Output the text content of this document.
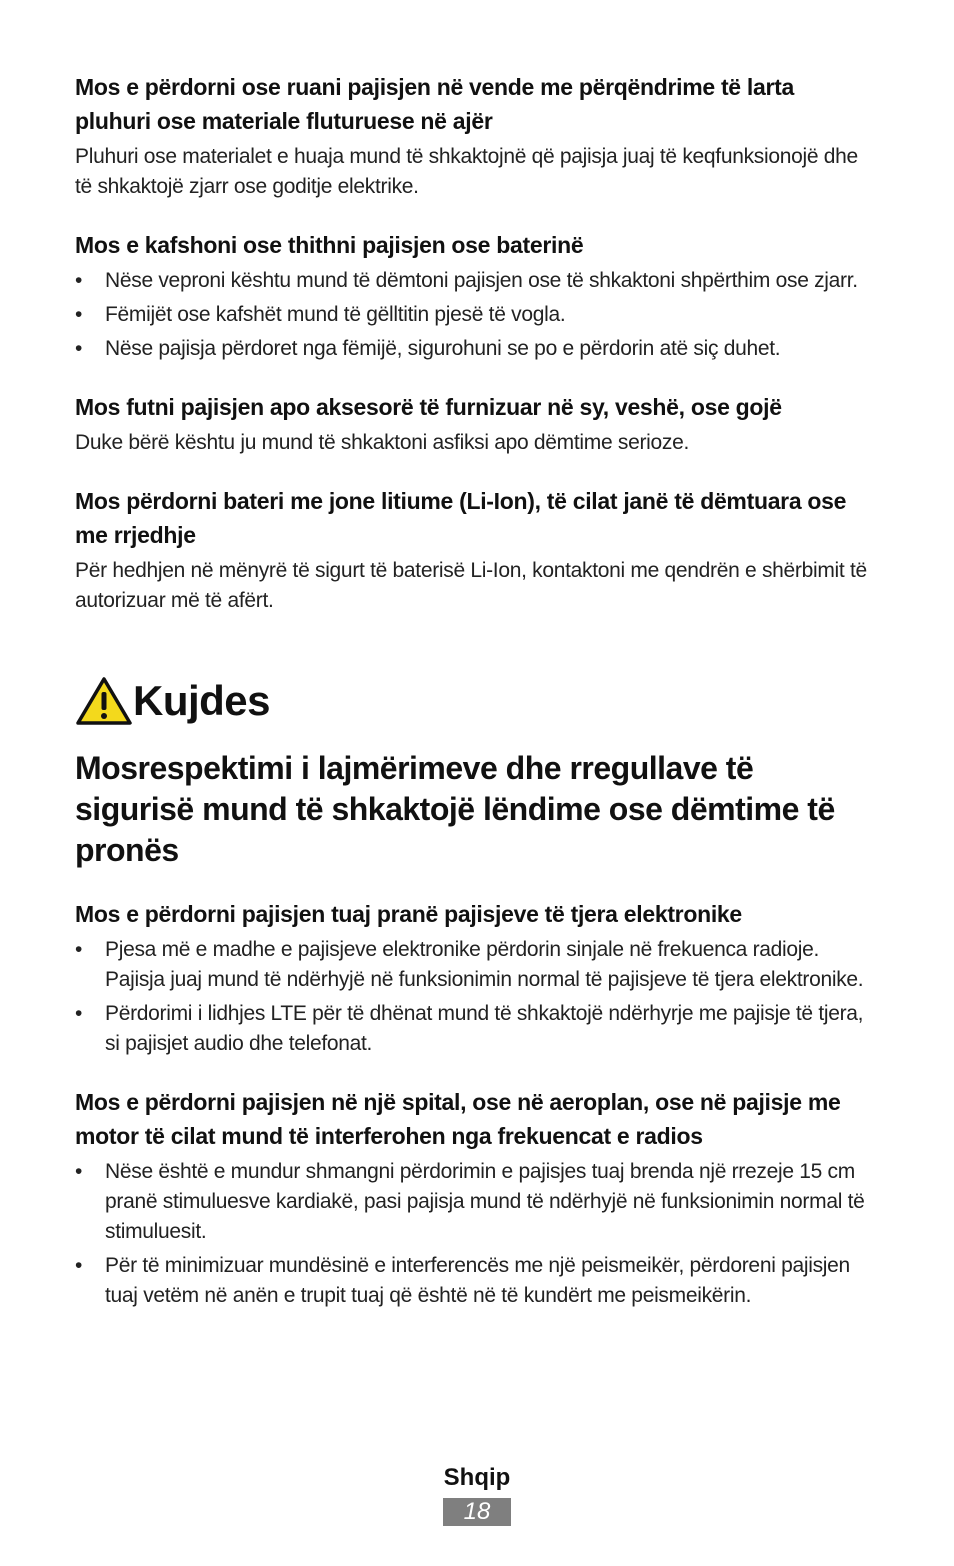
Mos e përdorni ose ruani pajisjen në vende me përqëndrime të larta pluhuri ose materiale fluturuese në ajër

Pluhuri ose materialet e huaja mund të shkaktojnë që pajisja juaj të keqfunksionojë dhe të shkaktojë zjarr ose goditje elektrike.

Mos e kafshoni ose thithni pajisjen ose baterinë
• Nëse veproni kështu mund të dëmtoni pajisjen ose të shkaktoni shpërthim ose zjarr.
• Fëmijët ose kafshët mund të gëlltitin pjesë të vogla.
• Nëse pajisja përdoret nga fëmijë, sigurohuni se po e përdorin atë siç duhet.
Mos futni pajisjen apo aksesorë të furnizuar në sy, veshë, ose gojë

Duke bërë kështu ju mund të shkaktoni asfiksi apo dëmtime serioze.

Mos përdorni bateri me jone litiume (Li-Ion), të cilat janë të dëmtuara ose me rrjedhje

Për hedhjen në mënyrë të sigurt të baterisë Li-Ion, kontaktoni me qendrën e shërbimit të autorizuar më të afërt.

Kujdes
Mosrespektimi i lajmërimeve dhe rregullave të sigurisë mund të shkaktojë lëndime ose dëmtime të pronës
Mos e përdorni pajisjen tuaj pranë pajisjeve të tjera elektronike
• Pjesa më e madhe e pajisjeve elektronike përdorin sinjale në frekuenca radioje. Pajisja juaj mund të ndërhyjë në funksionimin normal të pajisjeve të tjera elektronike.
• Përdorimi i lidhjes LTE për të dhënat mund të shkaktojë ndërhyrje me pajisje të tjera, si pajisjet audio dhe telefonat.
Mos e përdorni pajisjen në një spital, ose në aeroplan, ose në pajisje me motor të cilat mund të interferohen nga frekuencat e radios
• Nëse është e mundur shmangni përdorimin e pajisjes tuaj brenda një rrezeje 15 cm pranë stimuluesve kardiakë, pasi pajisja mund të ndërhyjë në funksionimin normal të stimuluesit.
• Për të minimizuar mundësinë e interferencës me një peismeikër, përdoreni pajisjen tuaj vetëm në anën e trupit tuaj që është në të kundërt me peismeikërin.
Shqip
18
